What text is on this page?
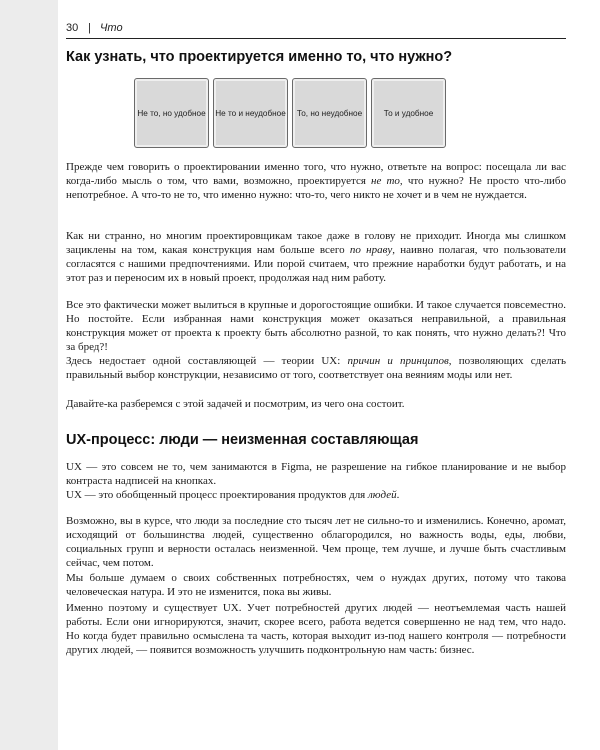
30 | Что
Как узнать, что проектируется именно то, что нужно?
Не то, но удобное	Не то и неудобное	То, но неудобное	То и удобное

Прежде чем говорить о проектировании именно того, что нужно, ответьте на вопрос: посещала ли вас когда-либо мысль о том, что вами, возможно, проектируется не то, что нужно? Не просто что-либо непотребное. А что-то не то, что именно нужно: что-то, чего никто не хочет и в чем не нуждается.

Как ни странно, но многим проектировщикам такое даже в голову не приходит. Иногда мы слишком зациклены на том, какая конструкция нам больше всего по нраву, наивно полагая, что пользователи согласятся с нашими предпочтениями. Или порой считаем, что прежние наработки будут работать, и на этот раз и переносим их в новый проект, продолжая над ним работу.

Все это фактически может вылиться в крупные и дорогостоящие ошибки. И такое случается повсеместно. Но постойте. Если избранная нами конструкция может оказаться неправильной, а правильная конструкция может от проекта к проекту быть абсолютно разной, то как понять, что нужно делать?! Что за бред?!

Здесь недостает одной составляющей — теории UX: причин и принципов, позволяющих сделать правильный выбор конструкции, независимо от того, соответствует она веяниям моды или нет.

Давайте-ка разберемся с этой задачей и посмотрим, из чего она состоит.

UX-процесс: люди — неизменная составляющая

UX — это совсем не то, чем занимаются в Figma, не разрешение на гибкое планирование и не выбор контраста надписей на кнопках.

UX — это обобщенный процесс проектирования продуктов для людей.

Возможно, вы в курсе, что люди за последние сто тысяч лет не сильно-то и изменились. Конечно, аромат, исходящий от большинства людей, существенно облагородился, но важность воды, еды, любви, социальных групп и верности осталась неизменной. Чем проще, тем лучше, и лучше быть счастливым сейчас, чем потом.

Мы больше думаем о своих собственных потребностях, чем о нуждах других, потому что такова человеческая натура. И это не изменится, пока вы живы.

Именно поэтому и существует UX. Учет потребностей других людей — неотъемлемая часть нашей работы. Если они игнорируются, значит, скорее всего, работа ведется совершенно не над тем, что надо. Но когда будет правильно осмыслена та часть, которая выходит из-под нашего контроля — потребности других людей, — появится возможность улучшить подконтрольную нам часть: бизнес.
